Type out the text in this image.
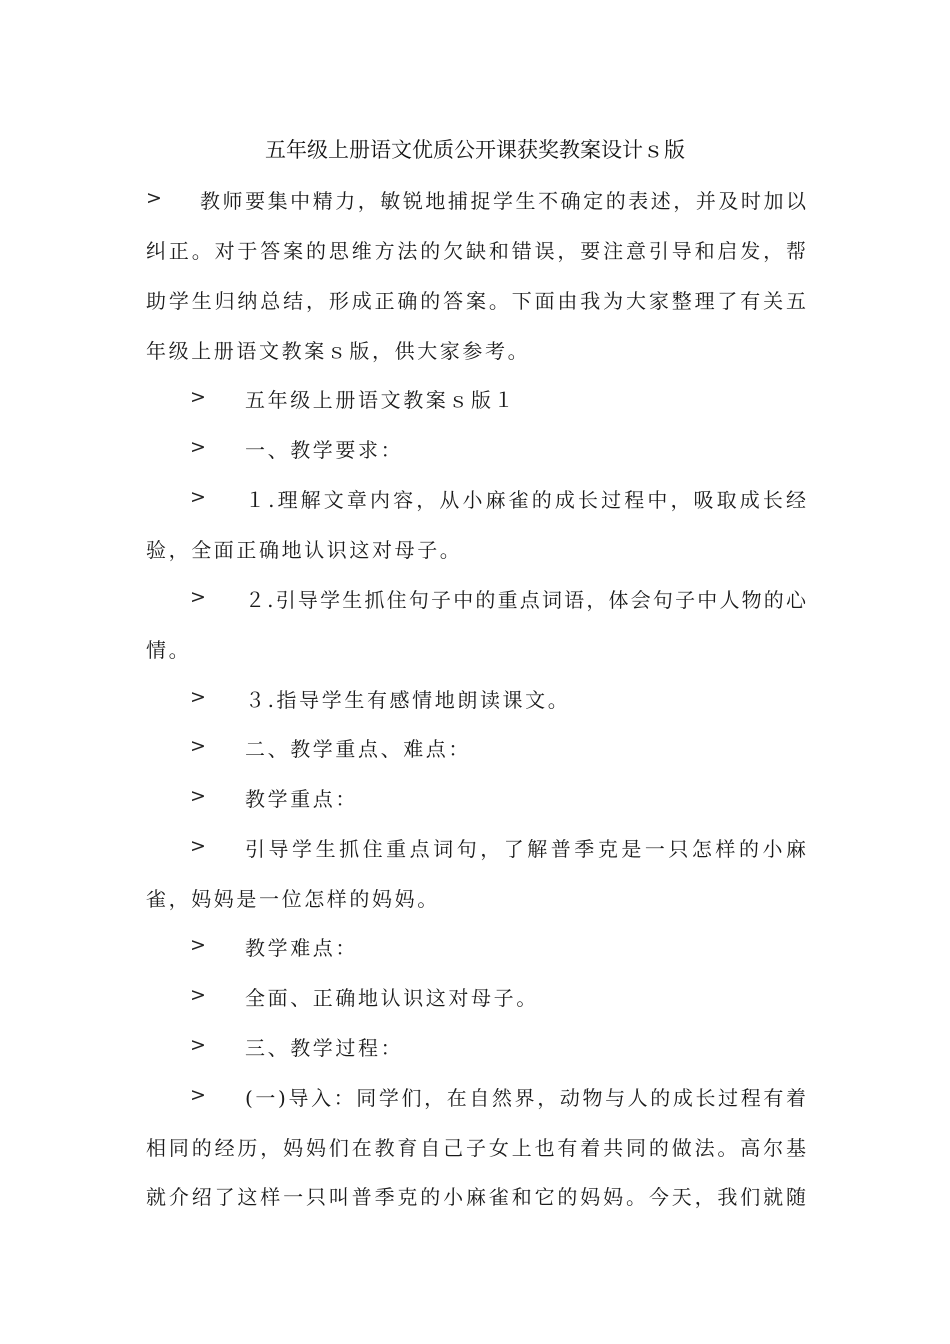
五年级上册语文优质公开课获奖教案设计ｓ版
> 教师要集中精力，敏锐地捕捉学生不确定的表述，并及时加以
纠正。对于答案的思维方法的欠缺和错误，要注意引导和启发，帮
助学生归纳总结，形成正确的答案。下面由我为大家整理了有关五
年级上册语文教案ｓ版，供大家参考。
> 五年级上册语文教案ｓ版１
> 一、教学要求：
> １.理解文章内容，从小麻雀的成长过程中，吸取成长经
验，全面正确地认识这对母子。
> ２.引导学生抓住句子中的重点词语，体会句子中人物的心
情。
> ３.指导学生有感情地朗读课文。
> 二、教学重点、难点：
> 教学重点：
> 引导学生抓住重点词句，了解普季克是一只怎样的小麻
雀，妈妈是一位怎样的妈妈。
> 教学难点：
> 全面、正确地认识这对母子。
> 三、教学过程：
> (一)导入：同学们，在自然界，动物与人的成长过程有着
相同的经历，妈妈们在教育自己子女上也有着共同的做法。高尔基
就介绍了这样一只叫普季克的小麻雀和它的妈妈。今天，我们就随
